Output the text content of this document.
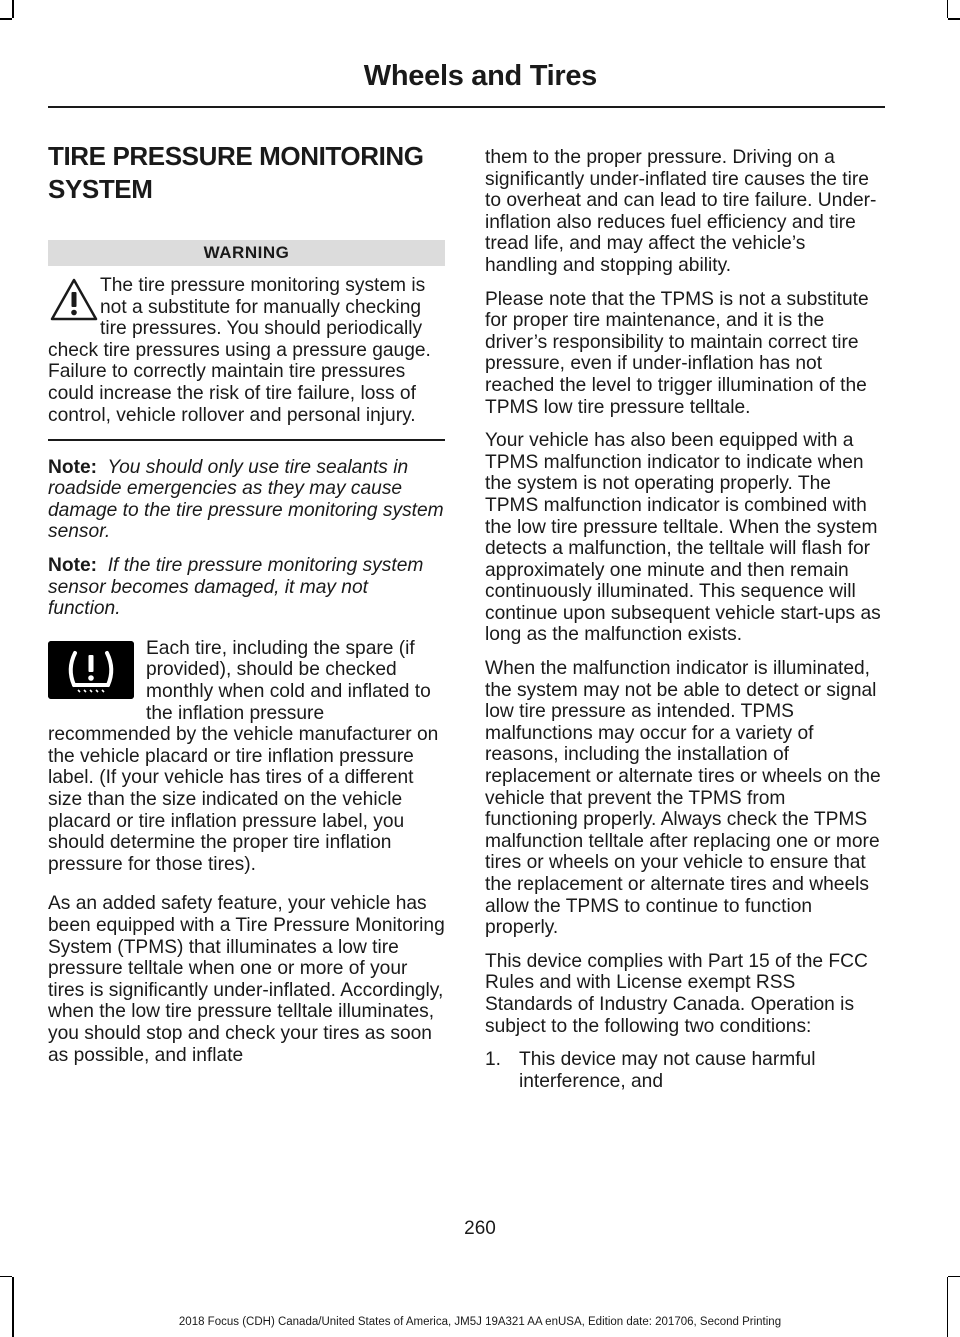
Wheels and Tires
TIRE PRESSURE MONITORING SYSTEM
WARNING

The tire pressure monitoring system is not a substitute for manually checking tire pressures. You should periodically check tire pressures using a pressure gauge. Failure to correctly maintain tire pressures could increase the risk of tire failure, loss of control, vehicle rollover and personal injury.

Note: You should only use tire sealants in roadside emergencies as they may cause damage to the tire pressure monitoring system sensor.

Note: If the tire pressure monitoring system sensor becomes damaged, it may not function.

Each tire, including the spare (if provided), should be checked monthly when cold and inflated to the inflation pressure recommended by the vehicle manufacturer on the vehicle placard or tire inflation pressure label. (If your vehicle has tires of a different size than the size indicated on the vehicle placard or tire inflation pressure label, you should determine the proper tire inflation pressure for those tires).

As an added safety feature, your vehicle has been equipped with a Tire Pressure Monitoring System (TPMS) that illuminates a low tire pressure telltale when one or more of your tires is significantly under-inflated. Accordingly, when the low tire pressure telltale illuminates, you should stop and check your tires as soon as possible, and inflate

them to the proper pressure. Driving on a significantly under-inflated tire causes the tire to overheat and can lead to tire failure. Under-inflation also reduces fuel efficiency and tire tread life, and may affect the vehicle’s handling and stopping ability.

Please note that the TPMS is not a substitute for proper tire maintenance, and it is the driver’s responsibility to maintain correct tire pressure, even if under-inflation has not reached the level to trigger illumination of the TPMS low tire pressure telltale.

Your vehicle has also been equipped with a TPMS malfunction indicator to indicate when the system is not operating properly. The TPMS malfunction indicator is combined with the low tire pressure telltale. When the system detects a malfunction, the telltale will flash for approximately one minute and then remain continuously illuminated. This sequence will continue upon subsequent vehicle start-ups as long as the malfunction exists.

When the malfunction indicator is illuminated, the system may not be able to detect or signal low tire pressure as intended. TPMS malfunctions may occur for a variety of reasons, including the installation of replacement or alternate tires or wheels on the vehicle that prevent the TPMS from functioning properly. Always check the TPMS malfunction telltale after replacing one or more tires or wheels on your vehicle to ensure that the replacement or alternate tires and wheels allow the TPMS to continue to function properly.

This device complies with Part 15 of the FCC Rules and with License exempt RSS Standards of Industry Canada. Operation is subject to the following two conditions:

1. This device may not cause harmful interference, and
260
2018 Focus (CDH) Canada/United States of America, JM5J 19A321 AA enUSA, Edition date: 201706, Second Printing
